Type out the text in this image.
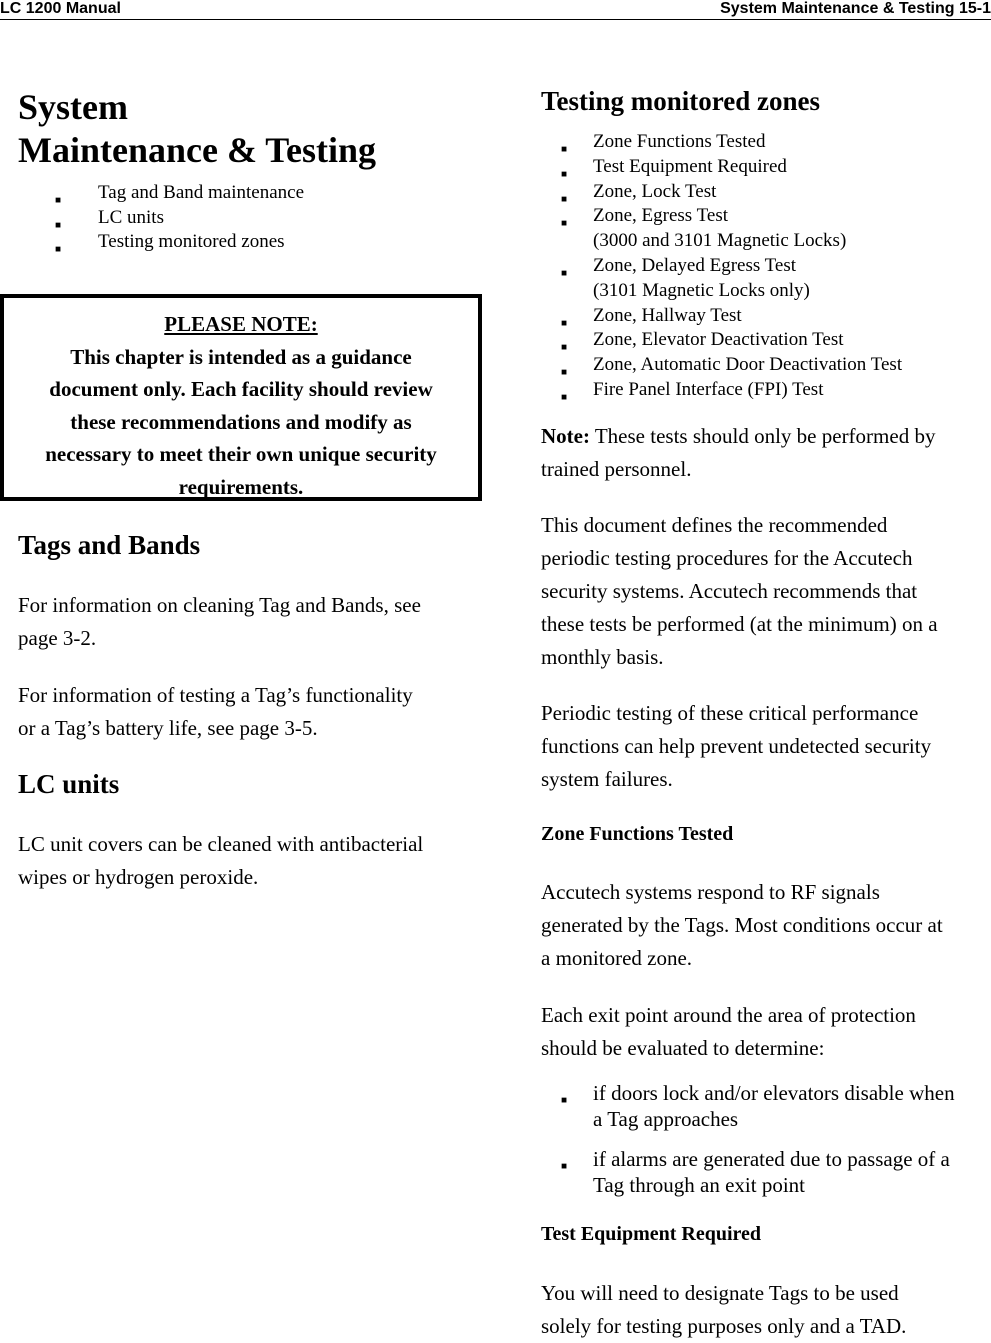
LC 1200 Manual	System Maintenance & Testing 15-1
System
Maintenance & Testing
■ Tag and Band maintenance
■ LC units
■ Testing monitored zones
PLEASE NOTE:
This chapter is intended as a guidance
document only. Each facility should review
these recommendations and modify as
necessary to meet their own unique security
requirements.
Tags and Bands
For information on cleaning Tag and Bands, see
page 3-2.
For information of testing a Tag’s functionality
or a Tag’s battery life, see page 3-5.
LC units
LC unit covers can be cleaned with antibacterial
wipes or hydrogen peroxide.
Testing monitored zones
■ Zone Functions Tested
■ Test Equipment Required
■ Zone, Lock Test
■ Zone, Egress Test
(3000 and 3101 Magnetic Locks)
■ Zone, Delayed Egress Test
(3101 Magnetic Locks only)
■ Zone, Hallway Test
■ Zone, Elevator Deactivation Test
■ Zone, Automatic Door Deactivation Test
■ Fire Panel Interface (FPI) Test
Note: These tests should only be performed by
trained personnel.
This document defines the recommended
periodic testing procedures for the Accutech
security systems. Accutech recommends that
these tests be performed (at the minimum) on a
monthly basis.
Periodic testing of these critical performance
functions can help prevent undetected security
system failures.
Zone Functions Tested
Accutech systems respond to RF signals
generated by the Tags. Most conditions occur at
a monitored zone.
Each exit point around the area of protection
should be evaluated to determine:
■ if doors lock and/or elevators disable when
a Tag approaches
■ if alarms are generated due to passage of a
Tag through an exit point
Test Equipment Required
You will need to designate Tags to be used
solely for testing purposes only and a TAD.
